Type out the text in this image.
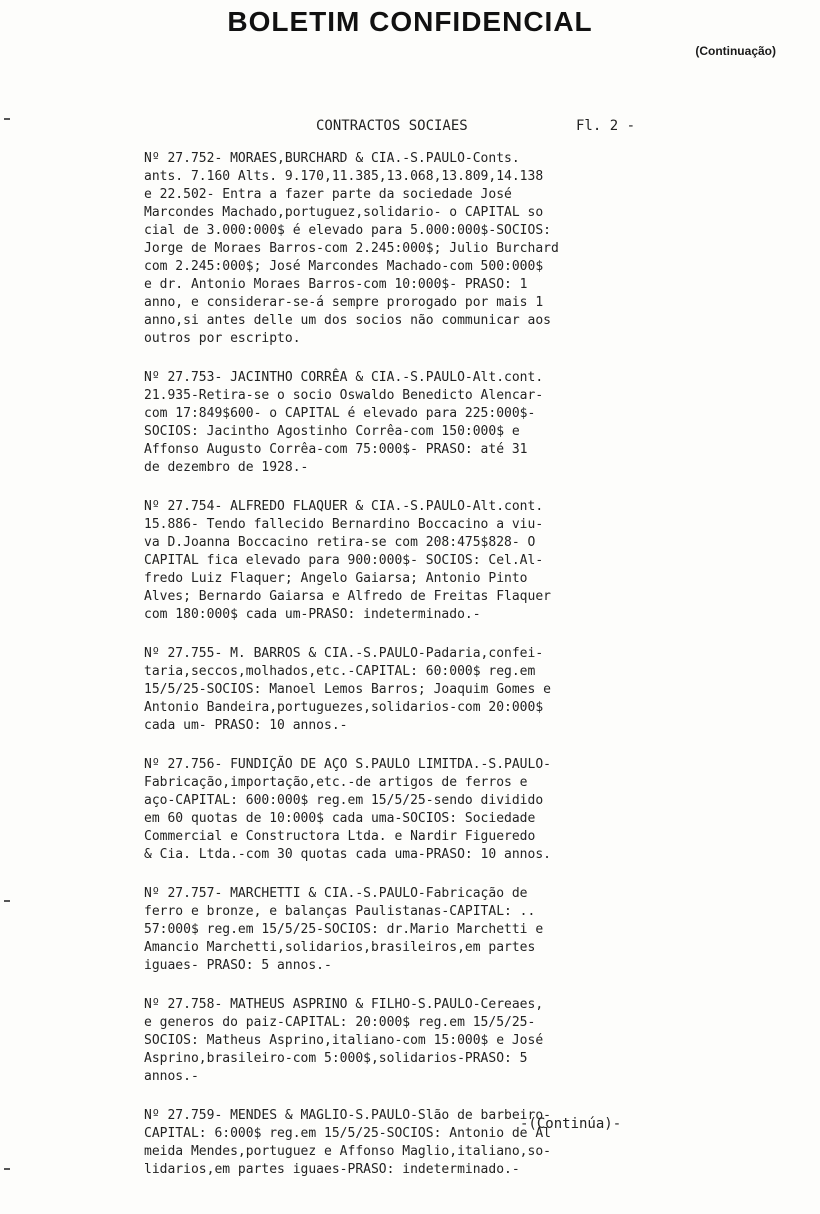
BOLETIM CONFIDENCIAL
(Continuação)
CONTRACTOS SOCIAES	Fl. 2 -
Nº 27.752- MORAES,BURCHARD & CIA.-S.PAULO-Conts.
ants. 7.160 Alts. 9.170,11.385,13.068,13.809,14.138
e 22.502- Entra a fazer parte da sociedade José
Marcondes Machado,portuguez,solidario- o CAPITAL so
cial de 3.000:000$ é elevado para 5.000:000$-SOCIOS:
Jorge de Moraes Barros-com 2.245:000$; Julio Burchard
com 2.245:000$; José Marcondes Machado-com 500:000$
e dr. Antonio Moraes Barros-com 10:000$- PRASO: 1
anno, e considerar-se-á sempre prorogado por mais 1
anno,si antes delle um dos socios não communicar aos
outros por escripto.
Nº 27.753- JACINTHO CORRÊA & CIA.-S.PAULO-Alt.cont.
21.935-Retira-se o socio Oswaldo Benedicto Alencar-
com 17:849$600- o CAPITAL é elevado para 225:000$-
SOCIOS: Jacintho Agostinho Corrêa-com 150:000$ e
Affonso Augusto Corrêa-com 75:000$- PRASO: até 31
de dezembro de 1928.-
Nº 27.754- ALFREDO FLAQUER & CIA.-S.PAULO-Alt.cont.
15.886- Tendo fallecido Bernardino Boccacino a viu-
va D.Joanna Boccacino retira-se com 208:475$828- O
CAPITAL fica elevado para 900:000$- SOCIOS: Cel.Al-
fredo Luiz Flaquer; Angelo Gaiarsa; Antonio Pinto
Alves; Bernardo Gaiarsa e Alfredo de Freitas Flaquer
com 180:000$ cada um-PRASO: indeterminado.-
Nº 27.755- M. BARROS & CIA.-S.PAULO-Padaria,confei-
taria,seccos,molhados,etc.-CAPITAL: 60:000$ reg.em
15/5/25-SOCIOS: Manoel Lemos Barros; Joaquim Gomes e
Antonio Bandeira,portuguezes,solidarios-com 20:000$
cada um- PRASO: 10 annos.-
Nº 27.756- FUNDIÇÃO DE AÇO S.PAULO LIMITDA.-S.PAULO-
Fabricação,importação,etc.-de artigos de ferros e
aço-CAPITAL: 600:000$ reg.em 15/5/25-sendo dividido
em 60 quotas de 10:000$ cada uma-SOCIOS: Sociedade
Commercial e Constructora Ltda. e Nardir Figueredo
& Cia. Ltda.-com 30 quotas cada uma-PRASO: 10 annos.
Nº 27.757- MARCHETTI & CIA.-S.PAULO-Fabricação de
ferro e bronze, e balanças Paulistanas-CAPITAL: ..
57:000$ reg.em 15/5/25-SOCIOS: dr.Mario Marchetti e
Amancio Marchetti,solidarios,brasileiros,em partes
iguaes- PRASO: 5 annos.-
Nº 27.758- MATHEUS ASPRINO & FILHO-S.PAULO-Cereaes,
e generos do paiz-CAPITAL: 20:000$ reg.em 15/5/25-
SOCIOS: Matheus Asprino,italiano-com 15:000$ e José
Asprino,brasileiro-com 5:000$,solidarios-PRASO: 5
annos.-
Nº 27.759- MENDES & MAGLIO-S.PAULO-Slão de barbeiro-
CAPITAL: 6:000$ reg.em 15/5/25-SOCIOS: Antonio de Al
meida Mendes,portuguez e Affonso Maglio,italiano,so-
lidarios,em partes iguaes-PRASO: indeterminado.-
-(Continúa)-
